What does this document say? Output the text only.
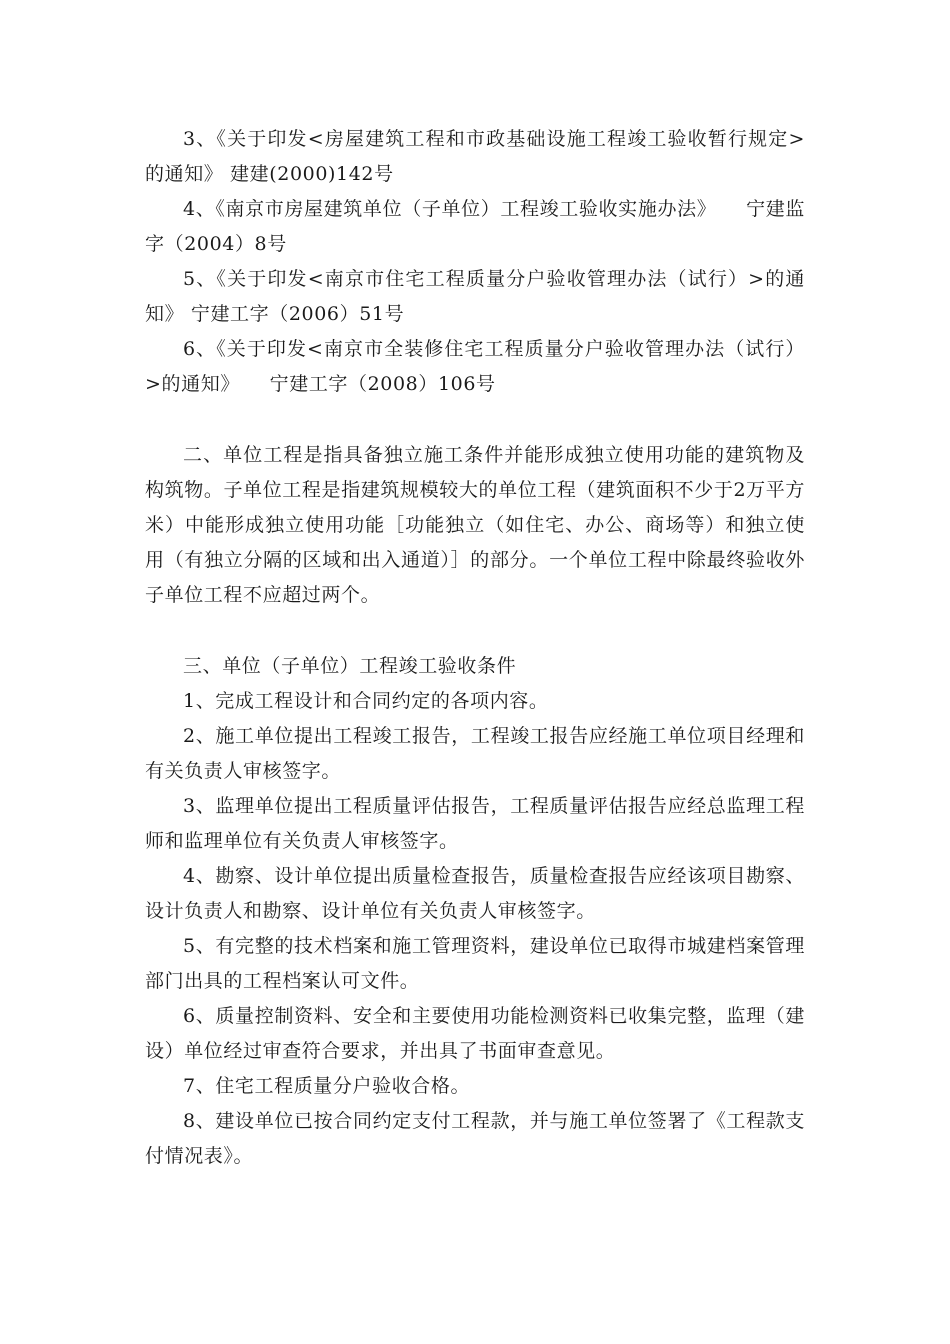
3、《关于印发<房屋建筑工程和市政基础设施工程竣工验收暂行规定>的通知》 建建(2000)142号

4、《南京市房屋建筑单位（子单位）工程竣工验收实施办法》　　宁建监字（2004）8号

5、《关于印发<南京市住宅工程质量分户验收管理办法（试行）>的通知》 宁建工字（2006）51号

6、《关于印发<南京市全装修住宅工程质量分户验收管理办法（试行）>的通知》　　宁建工字（2008）106号

二、单位工程是指具备独立施工条件并能形成独立使用功能的建筑物及构筑物。子单位工程是指建筑规模较大的单位工程（建筑面积不少于2万平方米）中能形成独立使用功能［功能独立（如住宅、办公、商场等）和独立使用（有独立分隔的区域和出入通道）］的部分。一个单位工程中除最终验收外子单位工程不应超过两个。

三、单位（子单位）工程竣工验收条件

1、完成工程设计和合同约定的各项内容。

2、施工单位提出工程竣工报告，工程竣工报告应经施工单位项目经理和有关负责人审核签字。

3、监理单位提出工程质量评估报告，工程质量评估报告应经总监理工程师和监理单位有关负责人审核签字。

4、勘察、设计单位提出质量检查报告，质量检查报告应经该项目勘察、设计负责人和勘察、设计单位有关负责人审核签字。

5、有完整的技术档案和施工管理资料，建设单位已取得市城建档案管理部门出具的工程档案认可文件。

6、质量控制资料、安全和主要使用功能检测资料已收集完整，监理（建设）单位经过审查符合要求，并出具了书面审查意见。

7、住宅工程质量分户验收合格。

8、建设单位已按合同约定支付工程款，并与施工单位签署了《工程款支付情况表》。
